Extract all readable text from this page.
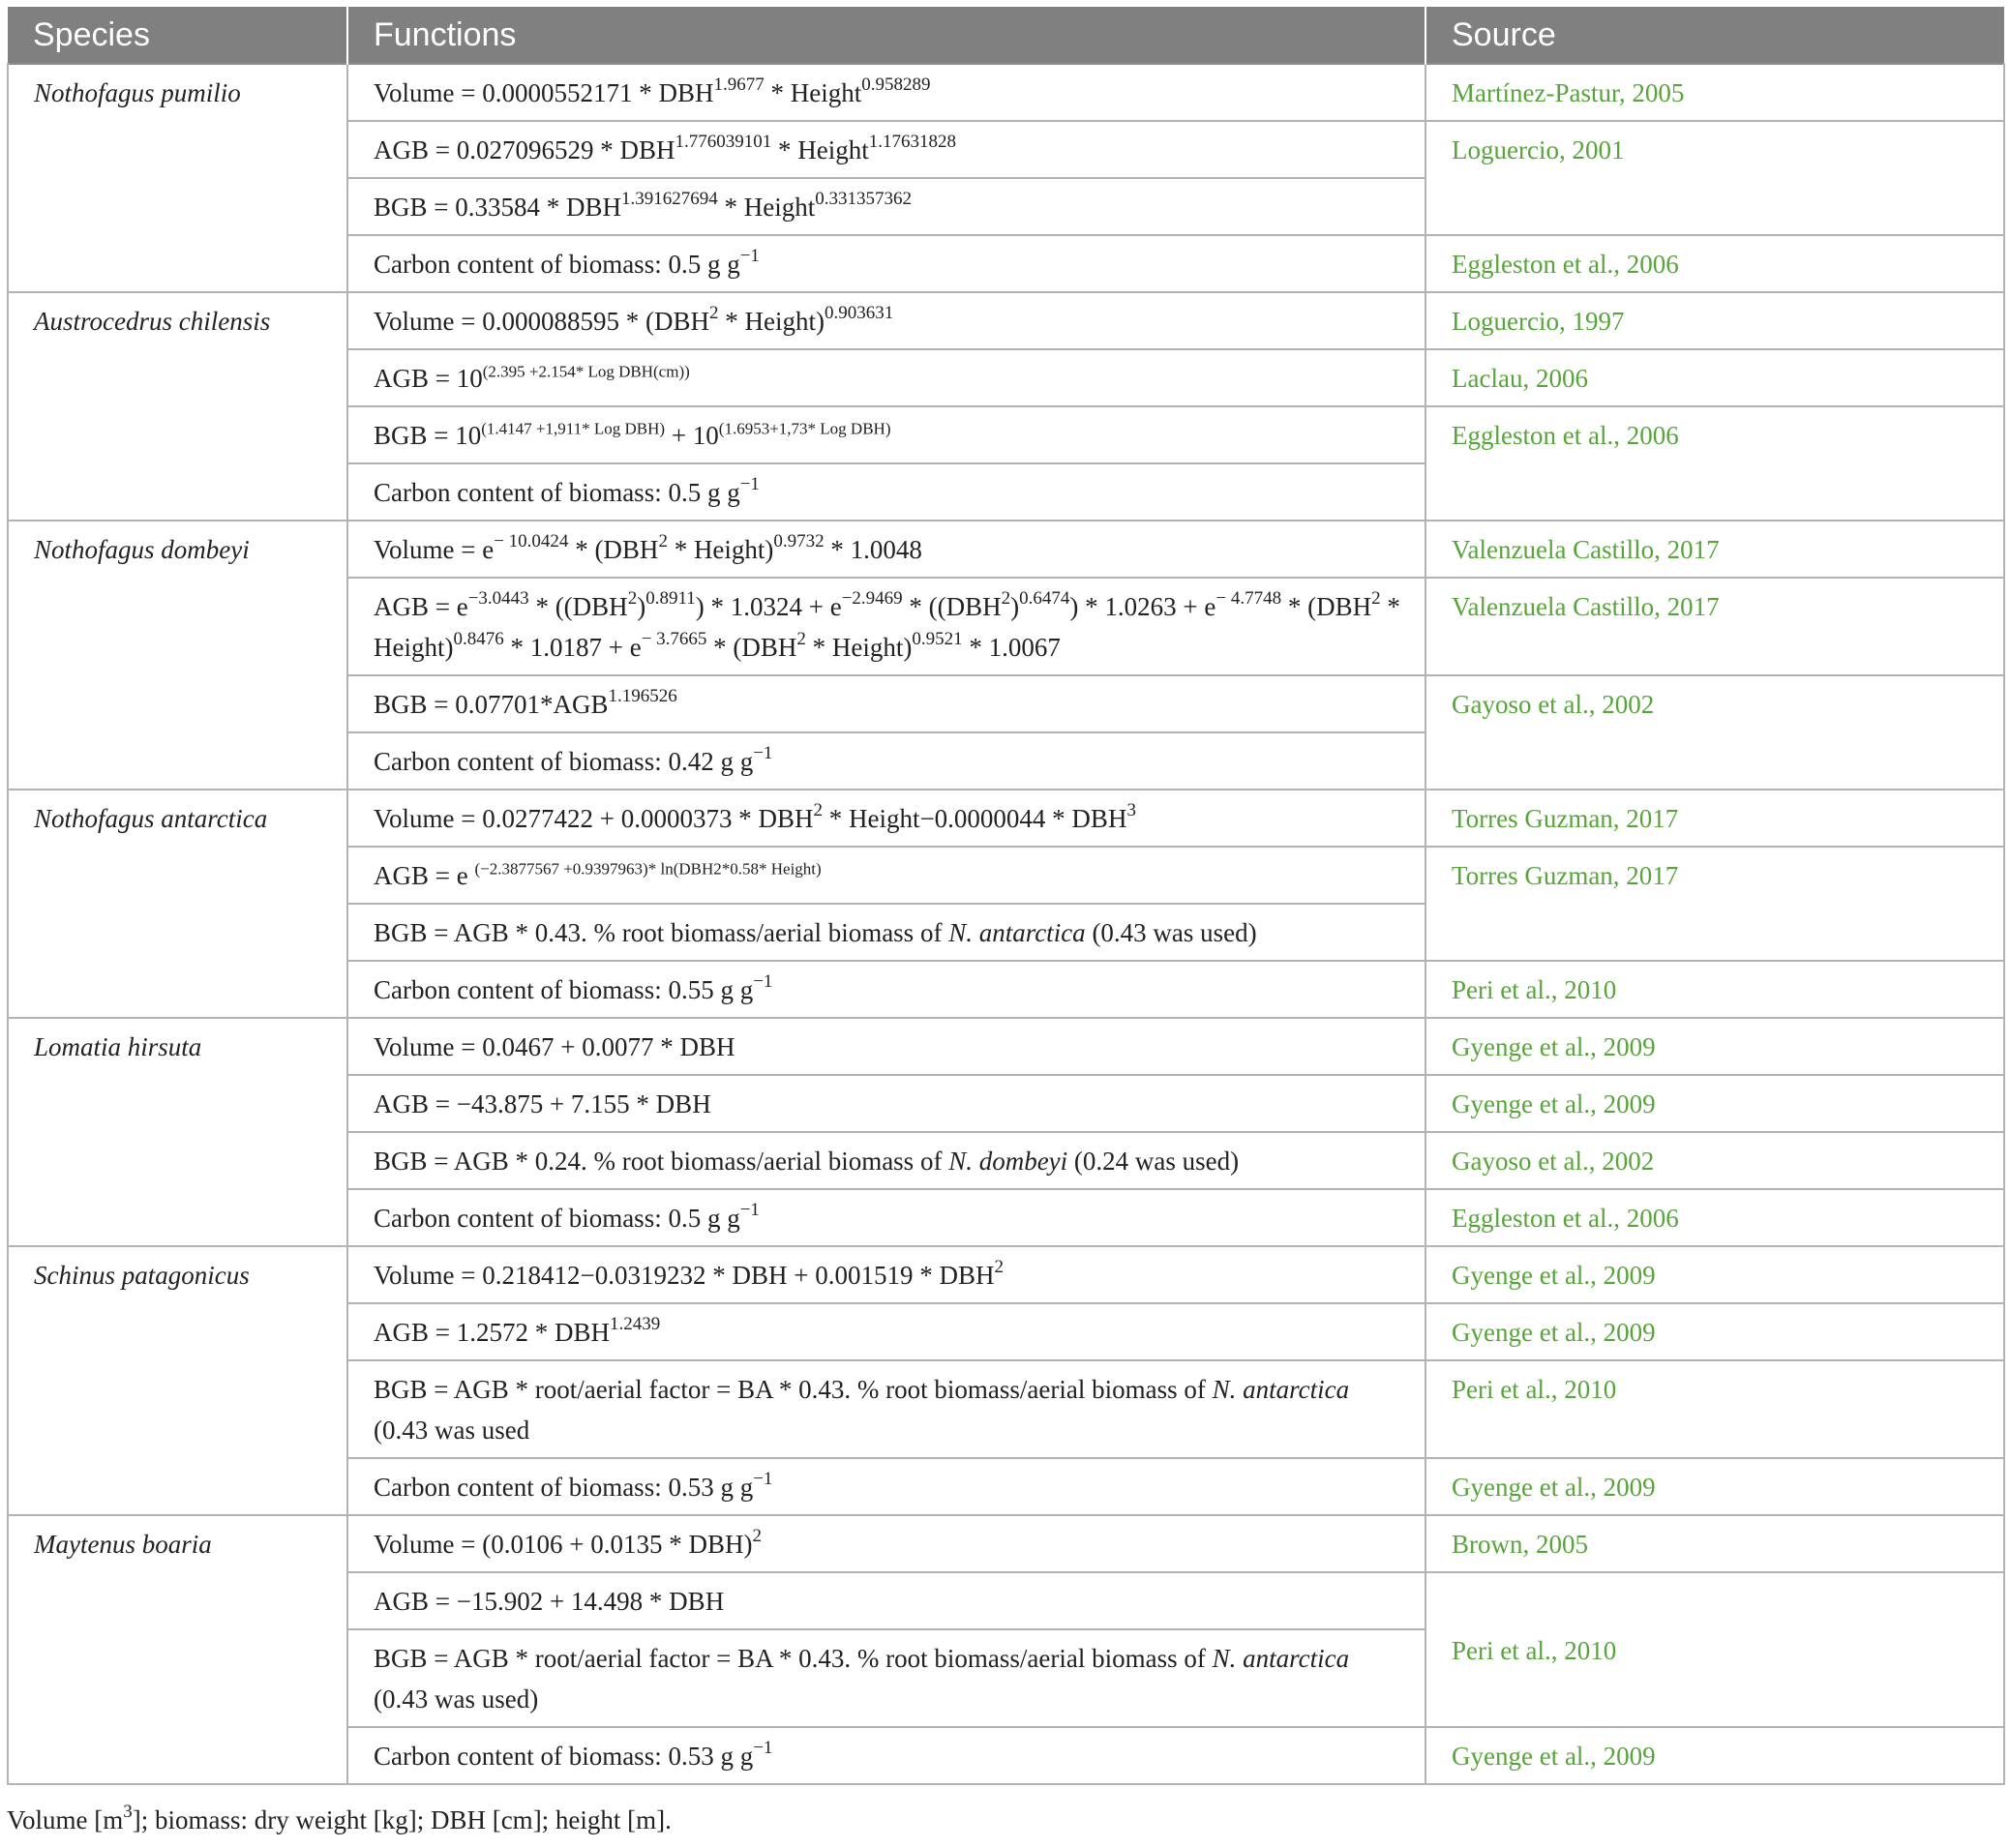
Species	Functions	Source
Nothofagus pumilio	Volume = $0.0000552171 * DBH^{1.9677}$ * Height$^{0.958289}$	Martínez-Pastur, 2005
	AGB = $0.027096529 * DBH^{1.776039101}$ * Height$^{1.17631828}$	Loguercio, 2001
	BGB = $0.33584 * DBH^{1.391627694}$ * Height$^{0.331357362}$
	Carbon content of biomass: 0.5 g $g^{-1}$	Eggleston et al., 2006
Austrocedrus chilensis	Volume = 0.000088595 * (DBH$^2$ * Height)$^{0.903631}$	Loguercio, 1997
	AGB = $10^{(2.395 +2.154* Log DBH(cm))}$	Laclau, 2006
	BGB = $10^{(1.4147 +1,911* Log DBH)} + 10^{(1.6953+1,73* Log DBH)}$	Eggleston et al., 2006
	Carbon content of biomass: 0.5 g $g^{-1}$
Nothofagus dombeyi	Volume = $e^{- 10.0424} * (DBH^2$ * Height)$^{0.9732}$ * 1.0048	Valenzuela Castillo, 2017
	AGB = $e^{-3.0443} * ((DBH^2)^{0.8911}) * 1.0324 + e^{-2.9469} * ((DBH^2)^{0.6474}) * 1.0263 + e^{- 4.7748} * (DBH^2$ * Height)$^{0.8476}$ * $1.0187 + e^{- 3.7665} * (DBH^2$ * Height)$^{0.9521}$ * 1.0067	Valenzuela Castillo, 2017
	BGB = $0.07701*AGB^{1.196526}$	Gayoso et al., 2002
	Carbon content of biomass: 0.42 g $g^{-1}$
Nothofagus antarctica	Volume = 0.0277422 + 0.0000373 * DBH$^2$ * Height−0.0000044 * DBH$^3$	Torres Guzman, 2017
	AGB = e $^{(-2.3877567 +0.9397963)* ln(DBH2*0.58* Height)}$	Torres Guzman, 2017
	BGB = AGB * 0.43. % root biomass/aerial biomass of N. antarctica (0.43 was used)	
	Carbon content of biomass: 0.55 g $g^{-1}$	Peri et al., 2010
Lomatia hirsuta	Volume = 0.0467 + 0.0077 * DBH	Gyenge et al., 2009
	AGB = −43.875 + 7.155 * DBH	Gyenge et al., 2009
	BGB = AGB * 0.24. % root biomass/aerial biomass of N. dombeyi (0.24 was used)	Gayoso et al., 2002
	Carbon content of biomass: 0.5 g $g^{-1}$	Eggleston et al., 2006
Schinus patagonicus	Volume = 0.218412−0.0319232 * DBH + 0.001519 * DBH$^2$	Gyenge et al., 2009
	AGB = $1.2572 * DBH^{1.2439}$	Gyenge et al., 2009
	BGB = AGB * root/aerial factor = BA * 0.43. % root biomass/aerial biomass of N. antarctica (0.43 was used	Peri et al., 2010
	Carbon content of biomass: 0.53 g $g^{-1}$	Gyenge et al., 2009
Maytenus boaria	Volume = (0.0106 + 0.0135 * DBH)$^2$	Brown, 2005
	AGB = −15.902 + 14.498 * DBH	Peri et al., 2010
	BGB = AGB * root/aerial factor = BA * 0.43. % root biomass/aerial biomass of N. antarctica (0.43 was used)	
	Carbon content of biomass: 0.53 g $g^{-1}$	Gyenge et al., 2009
Volume $[m^3]$; biomass: dry weight [kg]; DBH [cm]; height [m].
